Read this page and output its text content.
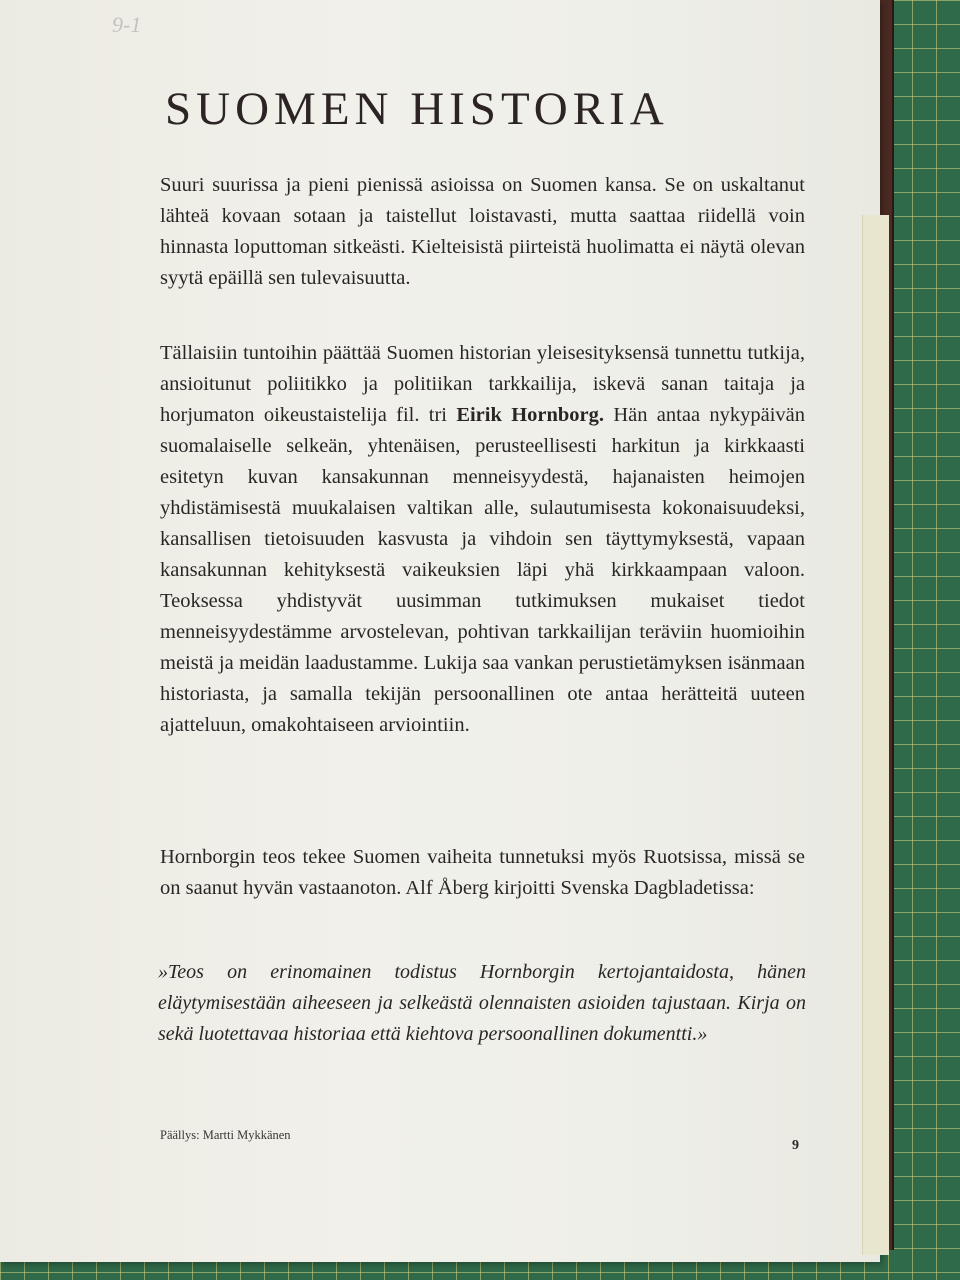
9-1

SUOMEN HISTORIA

Suuri suurissa ja pieni pienissä asioissa on Suomen kansa. Se on uskaltanut lähteä kovaan sotaan ja taistellut loistavasti, mutta saattaa riidellä voin hinnasta loputtoman sitkeästi. Kielteisistä piirteistä huolimatta ei näytä olevan syytä epäillä sen tulevaisuutta.

Tällaisiin tuntoihin päättää Suomen historian yleisesityksensä tunnettu tutkija, ansioitunut poliitikko ja politiikan tarkkailija, iskevä sanan taitaja ja horjumaton oikeustaistelija fil. tri Eirik Hornborg. Hän antaa nykypäivän suomalaiselle selkeän, yhtenäisen, perusteellisesti harkitun ja kirkkaasti esitetyn kuvan kansakunnan menneisyydestä, hajanaisten heimojen yhdistämisestä muukalaisen valtikan alle, sulautumisesta kokonaisuudeksi, kansallisen tietoisuuden kasvusta ja vihdoin sen täyttymyksestä, vapaan kansakunnan kehityksestä vaikeuksien läpi yhä kirkkaampaan valoon. Teoksessa yhdistyvät uusimman tutkimuksen mukaiset tiedot menneisyydestämme arvostelevan, pohtivan tarkkailijan teräviin huomioihin meistä ja meidän laadustamme. Lukija saa vankan perustietämyksen isänmaan historiasta, ja samalla tekijän persoonallinen ote antaa herätteitä uuteen ajatteluun, omakohtaiseen arviointiin.

Hornborgin teos tekee Suomen vaiheita tunnetuksi myös Ruotsissa, missä se on saanut hyvän vastaanoton. Alf Åberg kirjoitti Svenska Dagbladetissa:

»Teos on erinomainen todistus Hornborgin kertojantaidosta, hänen eläytymisestään aiheeseen ja selkeästä olennaisten asioiden tajustaan. Kirja on sekä luotettavaa historiaa että kiehtova persoonallinen dokumentti.»

Päällys: Martti Mykkänen

9
